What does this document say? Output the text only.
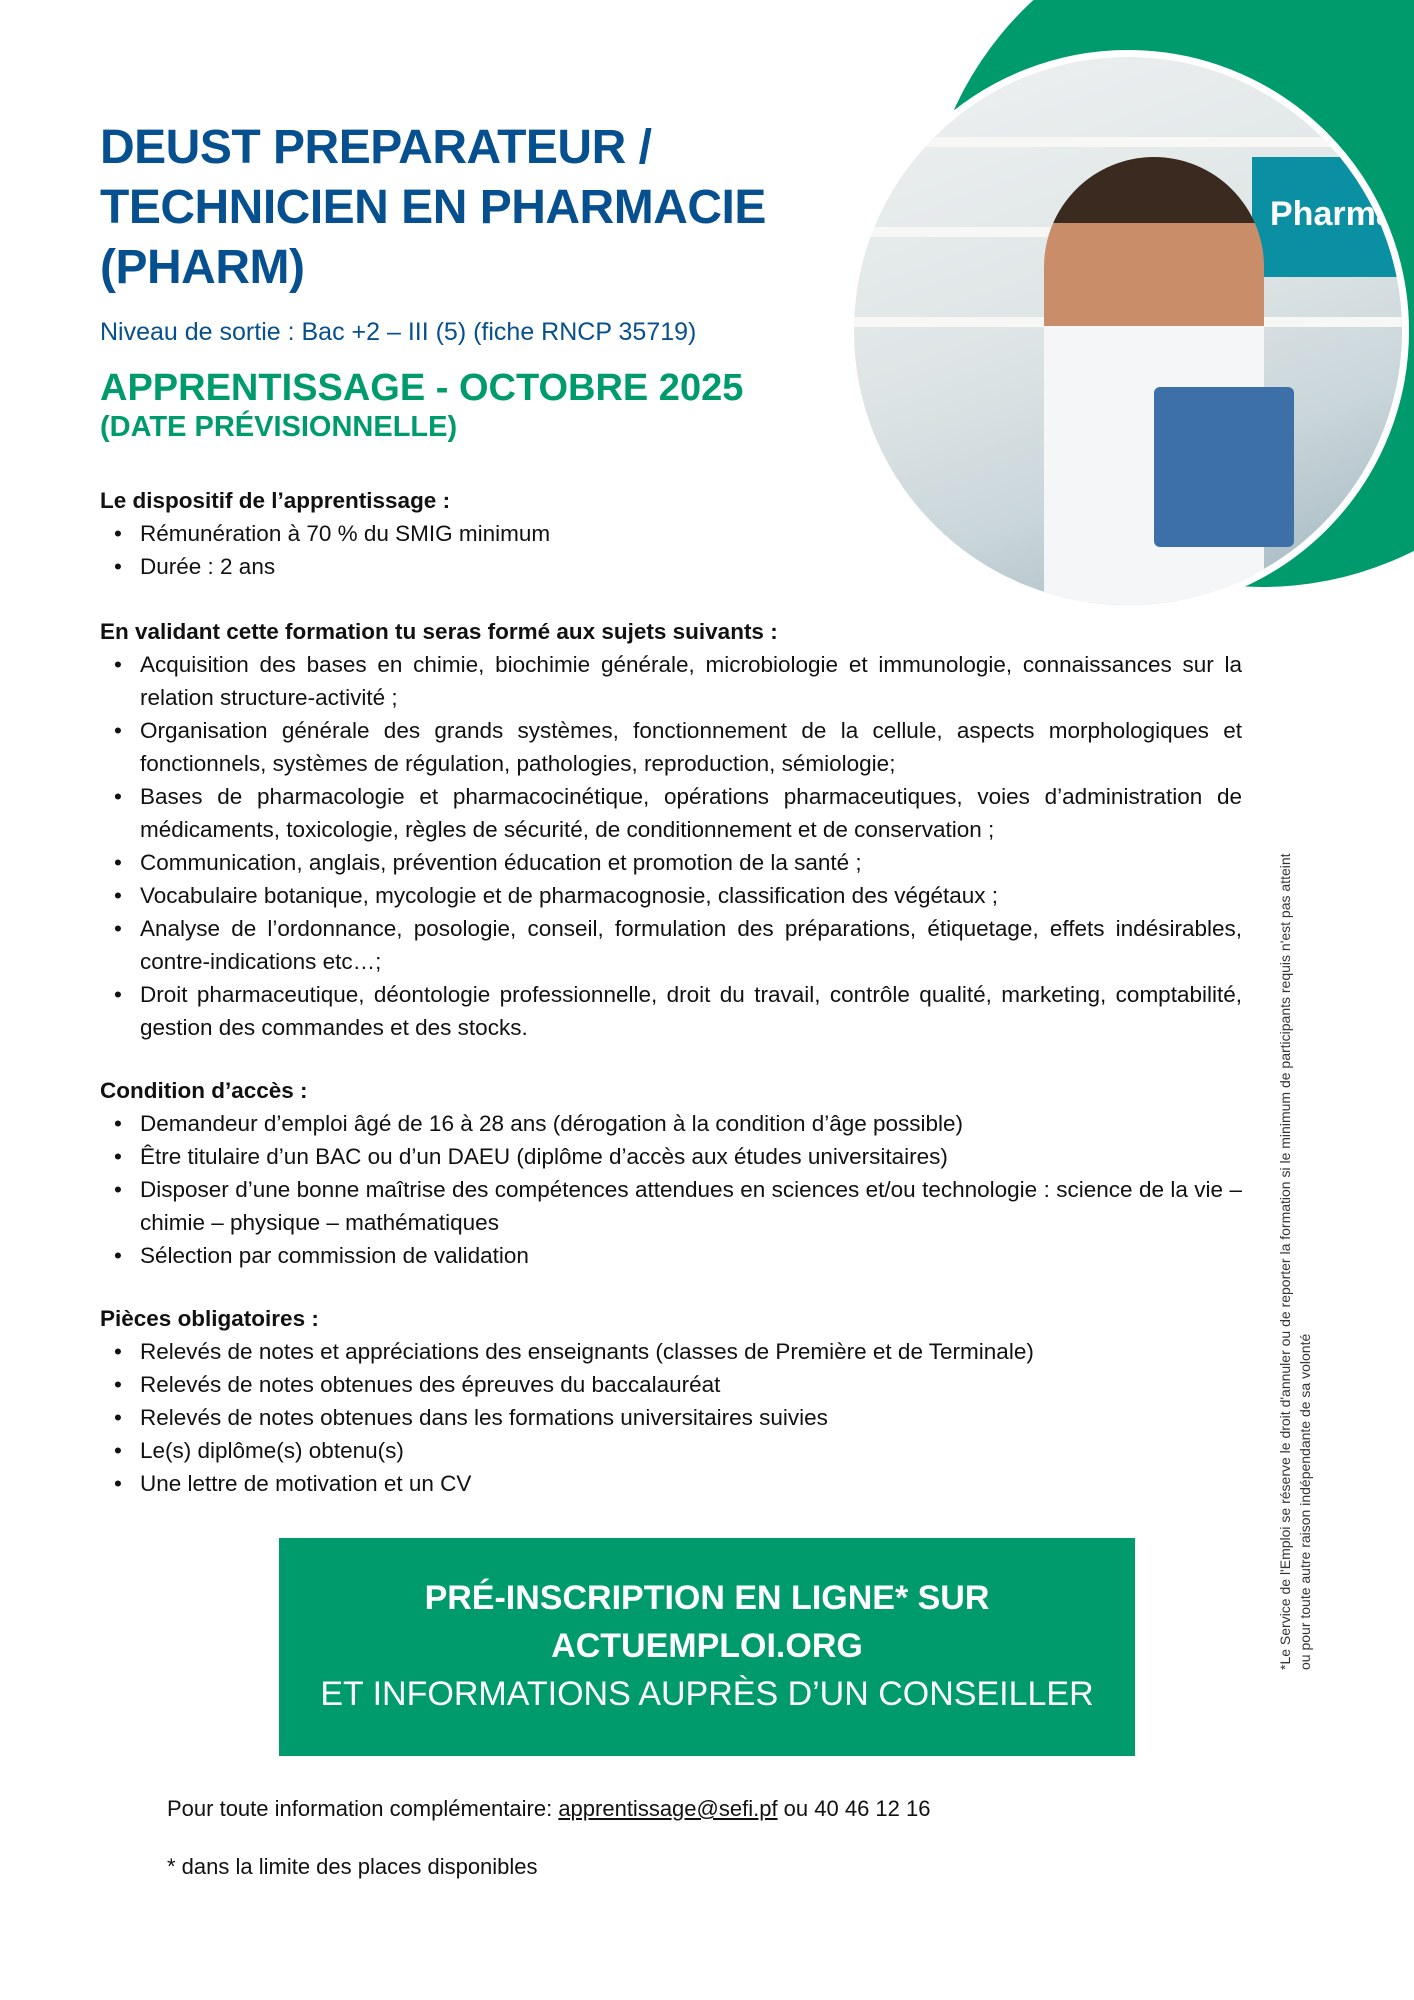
Pharma
DEUST PREPARATEUR /
TECHNICIEN EN PHARMACIE
(PHARM)
Niveau de sortie : Bac +2 – III (5) (fiche RNCP 35719)
APPRENTISSAGE - OCTOBRE 2025
(DATE PRÉVISIONNELLE)
Le dispositif de l’apprentissage :
• Rémunération à 70 % du SMIG minimum
• Durée : 2 ans
En validant cette formation tu seras formé aux sujets suivants :
• Acquisition des bases en chimie, biochimie générale, microbiologie et immunologie, connaissances sur la relation structure-activité ;
• Organisation générale des grands systèmes, fonctionnement de la cellule, aspects morphologiques et fonctionnels, systèmes de régulation, pathologies, reproduction, sémiologie;
• Bases de pharmacologie et pharmacocinétique, opérations pharmaceutiques, voies d’administration de médicaments, toxicologie, règles de sécurité, de conditionnement et de conservation ;
• Communication, anglais, prévention éducation et promotion de la santé ;
• Vocabulaire botanique, mycologie et de pharmacognosie, classification des végétaux ;
• Analyse de l’ordonnance, posologie, conseil, formulation des préparations, étiquetage, effets indésirables, contre-indications etc…;
• Droit pharmaceutique, déontologie professionnelle, droit du travail, contrôle qualité, marketing, comptabilité, gestion des commandes et des stocks.
Condition d’accès :
• Demandeur d’emploi âgé de 16 à 28 ans (dérogation à la condition d’âge possible)
• Être titulaire d’un BAC ou d’un DAEU (diplôme d’accès aux études universitaires)
• Disposer d’une bonne maîtrise des compétences attendues en sciences et/ou technologie : science de la vie – chimie – physique – mathématiques
• Sélection par commission de validation
Pièces obligatoires :
• Relevés de notes et appréciations des enseignants (classes de Première et de Terminale)
• Relevés de notes obtenues des épreuves du baccalauréat
• Relevés de notes obtenues dans les formations universitaires suivies
• Le(s) diplôme(s) obtenu(s)
• Une lettre de motivation et un CV
PRÉ-INSCRIPTION EN LIGNE* SUR
ACTUEMPLOI.ORG
ET INFORMATIONS AUPRÈS D’UN CONSEILLER
Pour toute information complémentaire: apprentissage@sefi.pf ou 40 46 12 16
* dans la limite des places disponibles
*Le Service de l'Emploi se réserve le droit d'annuler ou de reporter la formation si le minimum de participants requis n'est pas atteint ou pour toute autre raison indépendante de sa volonté
